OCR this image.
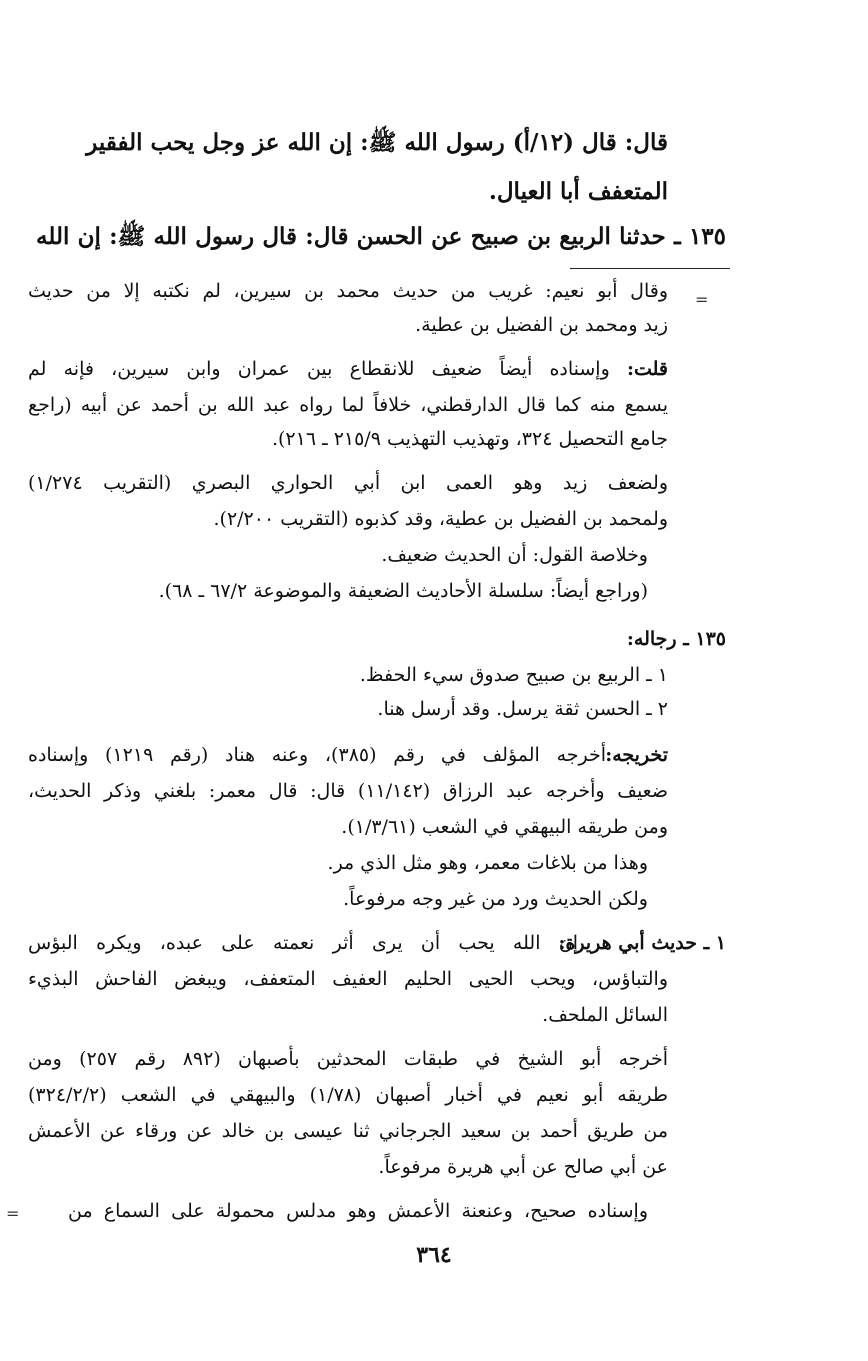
قال: قال (١٢/أ) رسول الله ﷺ: إن الله عز وجل يحب الفقير

المتعفف أبا العيال.

١٣٥ ـ حدثنا الربيع بن صبيح عن الحسن قال: قال رسول الله ﷺ: إن الله

=

وقال أبو نعيم: غريب من حديث محمد بن سيرين، لم نكتبه إلا من حديث

زيد ومحمد بن الفضيل بن عطية.

قلت: وإسناده أيضاً ضعيف للانقطاع بين عمران وابن سيرين، فإنه لم

يسمع منه كما قال الدارقطني، خلافاً لما رواه عبد الله بن أحمد عن أبيه (راجع

جامع التحصيل ٣٢٤، وتهذيب التهذيب ٢١٥/٩ ـ ٢١٦).

ولضعف زيد وهو العمى ابن أبي الحواري البصري (التقريب ١/٢٧٤)

ولمحمد بن الفضيل بن عطية، وقد كذبوه (التقريب ٢/٢٠٠).

وخلاصة القول: أن الحديث ضعيف.

(وراجع أيضاً: سلسلة الأحاديث الضعيفة والموضوعة ٦٧/٢ ـ ٦٨).

١٣٥ ـ رجاله:

١ ـ الربيع بن صبيح صدوق سيء الحفظ.

٢ ـ الحسن ثقة يرسل. وقد أرسل هنا.

تخريجه:

أخرجه المؤلف في رقم (٣٨٥)، وعنه هناد (رقم ١٢١٩) وإسناده

ضعيف وأخرجه عبد الرزاق (١١/١٤٢) قال: قال معمر: بلغني وذكر الحديث،

ومن طريقه البيهقي في الشعب (١/٣/٦١).

وهذا من بلاغات معمر، وهو مثل الذي مر.

ولكن الحديث ورد من غير وجه مرفوعاً.

١ ـ حديث أبي هريرة:

إن الله يحب أن يرى أثر نعمته على عبده، ويكره البؤس

والتباؤس، ويحب الحيى الحليم العفيف المتعفف، ويبغض الفاحش البذيء

السائل الملحف.

أخرجه أبو الشيخ في طبقات المحدثين بأصبهان (٨٩٢ رقم ٢٥٧) ومن

طريقه أبو نعيم في أخبار أصبهان (١/٧٨) والبيهقي في الشعب (٣٢٤/٢/٢)

من طريق أحمد بن سعيد الجرجاني ثنا عيسى بن خالد عن ورقاء عن الأعمش

عن أبي صالح عن أبي هريرة مرفوعاً.

وإسناده صحيح، وعنعنة الأعمش وهو مدلس محمولة على السماع من

=
٣٦٤
